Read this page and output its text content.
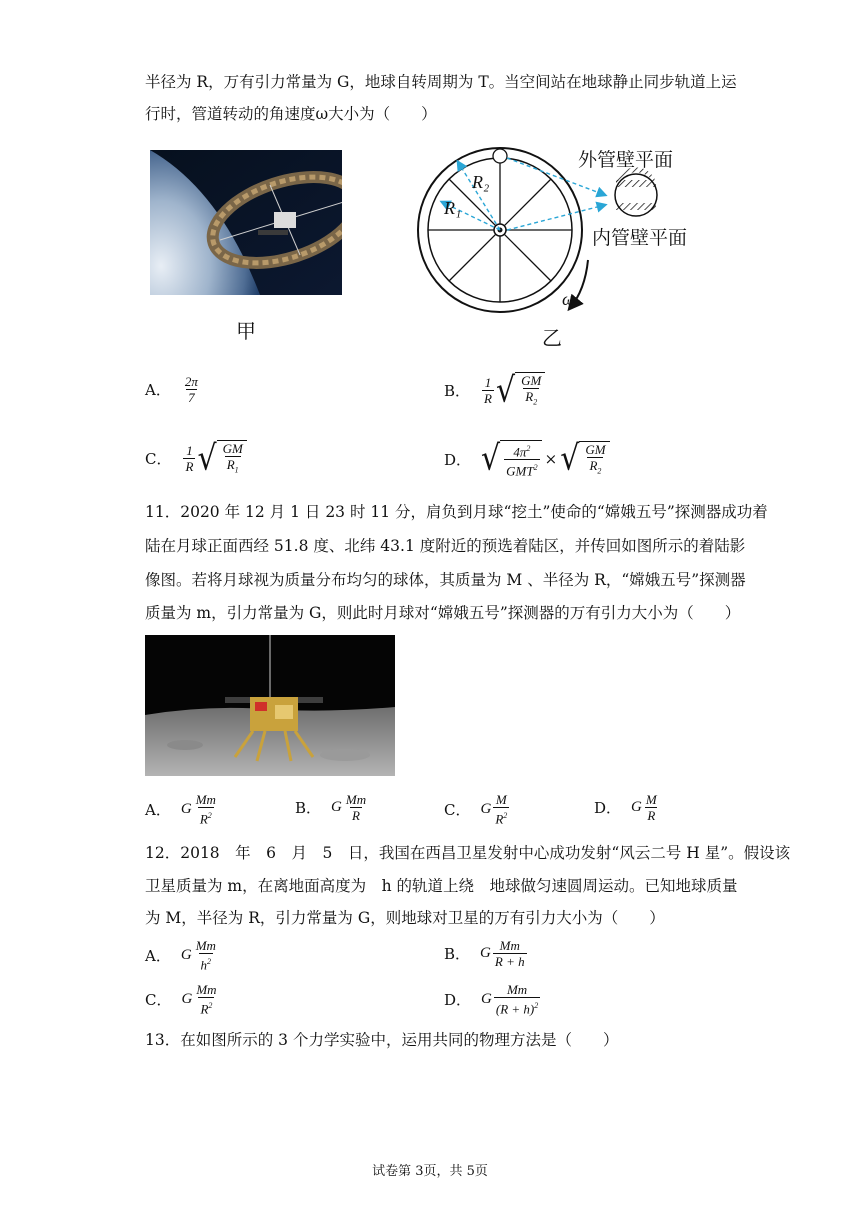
半径为 R，万有引力常量为 G，地球自转周期为 T。当空间站在地球静止同步轨道上运
行时，管道转动的角速度ω大小为（　　）
甲
R₂
R₁
ω
外管壁平面
内管壁平面
乙
A． $\frac{2\pi}{7}$	B． $\frac{1}{R}$ √ $\frac{GM}{R_2}$
C． $\frac{1}{R}$ √ $\frac{GM}{R_1}$	D． √ $\frac{4\pi^2}{GMT^2}$ × √ $\frac{GM}{R_2}$
11．2020 年 12 月 1 日 23 时 11 分，肩负到月球“挖土”使命的“嫦娥五号”探测器成功着
陆在月球正面西经 51.8 度、北纬 43.1 度附近的预选着陆区，并传回如图所示的着陆影
像图。若将月球视为质量分布均匀的球体，其质量为 M 、半径为 R，“嫦娥五号”探测器
质量为 m，引力常量为 G，则此时月球对“嫦娥五号”探测器的万有引力大小为（　　）
A． G $\frac{Mm}{R^2}$	B． G $\frac{Mm}{R}$	C． G $\frac{M}{R^2}$	D． G $\frac{M}{R}$
12．2018　年　6　月　5　日，我国在西昌卫星发射中心成功发射“风云二号 H 星”。假设该
卫星质量为 m，在离地面高度为　h 的轨道上绕　地球做匀速圆周运动。已知地球质量
为 M，半径为 R，引力常量为 G，则地球对卫星的万有引力大小为（　　）
A． G $\frac{Mm}{h^2}$	B． G $\frac{Mm}{R + h}$
C． G $\frac{Mm}{R^2}$	D． G $\frac{Mm}{(R + h)^2}$
13．在如图所示的 3 个力学实验中，运用共同的物理方法是（　　）
试卷第 3页，共 5页
